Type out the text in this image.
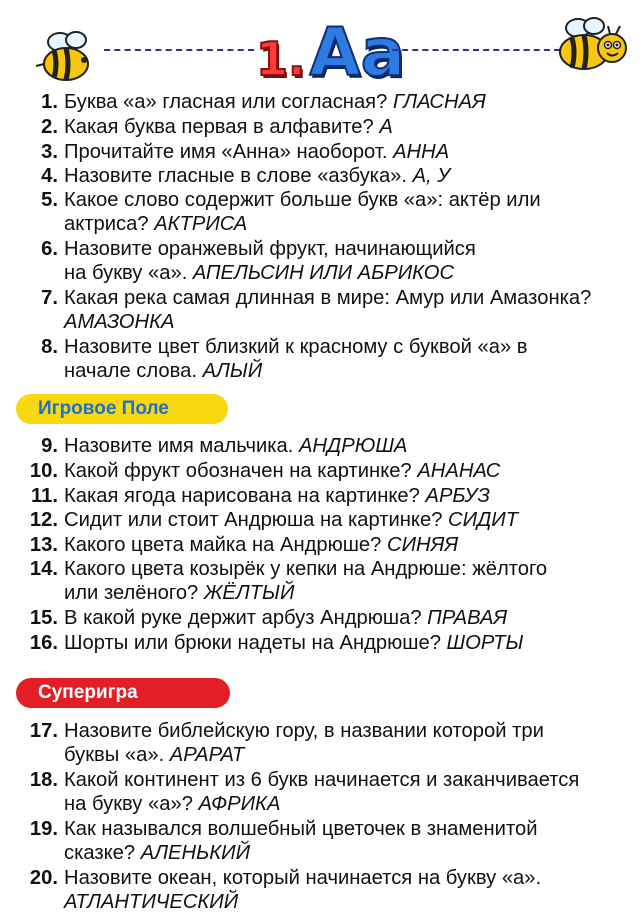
1. Аа
1. Буква «а» гласная или согласная? ГЛАСНАЯ
2. Какая буква первая в алфавите? А
3. Прочитайте имя «Анна» наоборот. АННА
4. Назовите гласные в слове «азбука». А, У
5. Какое слово содержит больше букв «а»: актёр или
актриса? АКТРИСА
6. Назовите оранжевый фрукт, начинающийся
на букву «а». АПЕЛЬСИН ИЛИ АБРИКОС
7. Какая река самая длинная в мире: Амур или Амазонка?
АМАЗОНКА
8. Назовите цвет близкий к красному с буквой «а» в
начале слова. АЛЫЙ
Игровое Поле
9. Назовите имя мальчика. АНДРЮША
10. Какой фрукт обозначен на картинке? АНАНАС
11. Какая ягода нарисована на картинке? АРБУЗ
12. Сидит или стоит Андрюша на картинке? СИДИТ
13. Какого цвета майка на Андрюше? СИНЯЯ
14. Какого цвета козырёк у кепки на Андрюше: жёлтого
или зелёного? ЖЁЛТЫЙ
15. В какой руке держит арбуз Андрюша? ПРАВАЯ
16. Шорты или брюки надеты на Андрюше? ШОРТЫ
Суперигра
17. Назовите библейскую гору, в названии которой три
буквы «а». АРАРАТ
18. Какой континент из 6 букв начинается и заканчивается
на букву «а»? АФРИКА
19. Как назывался волшебный цветочек в знаменитой
сказке? АЛЕНЬКИЙ
20. Назовите океан, который начинается на букву «а».
АТЛАНТИЧЕСКИЙ
